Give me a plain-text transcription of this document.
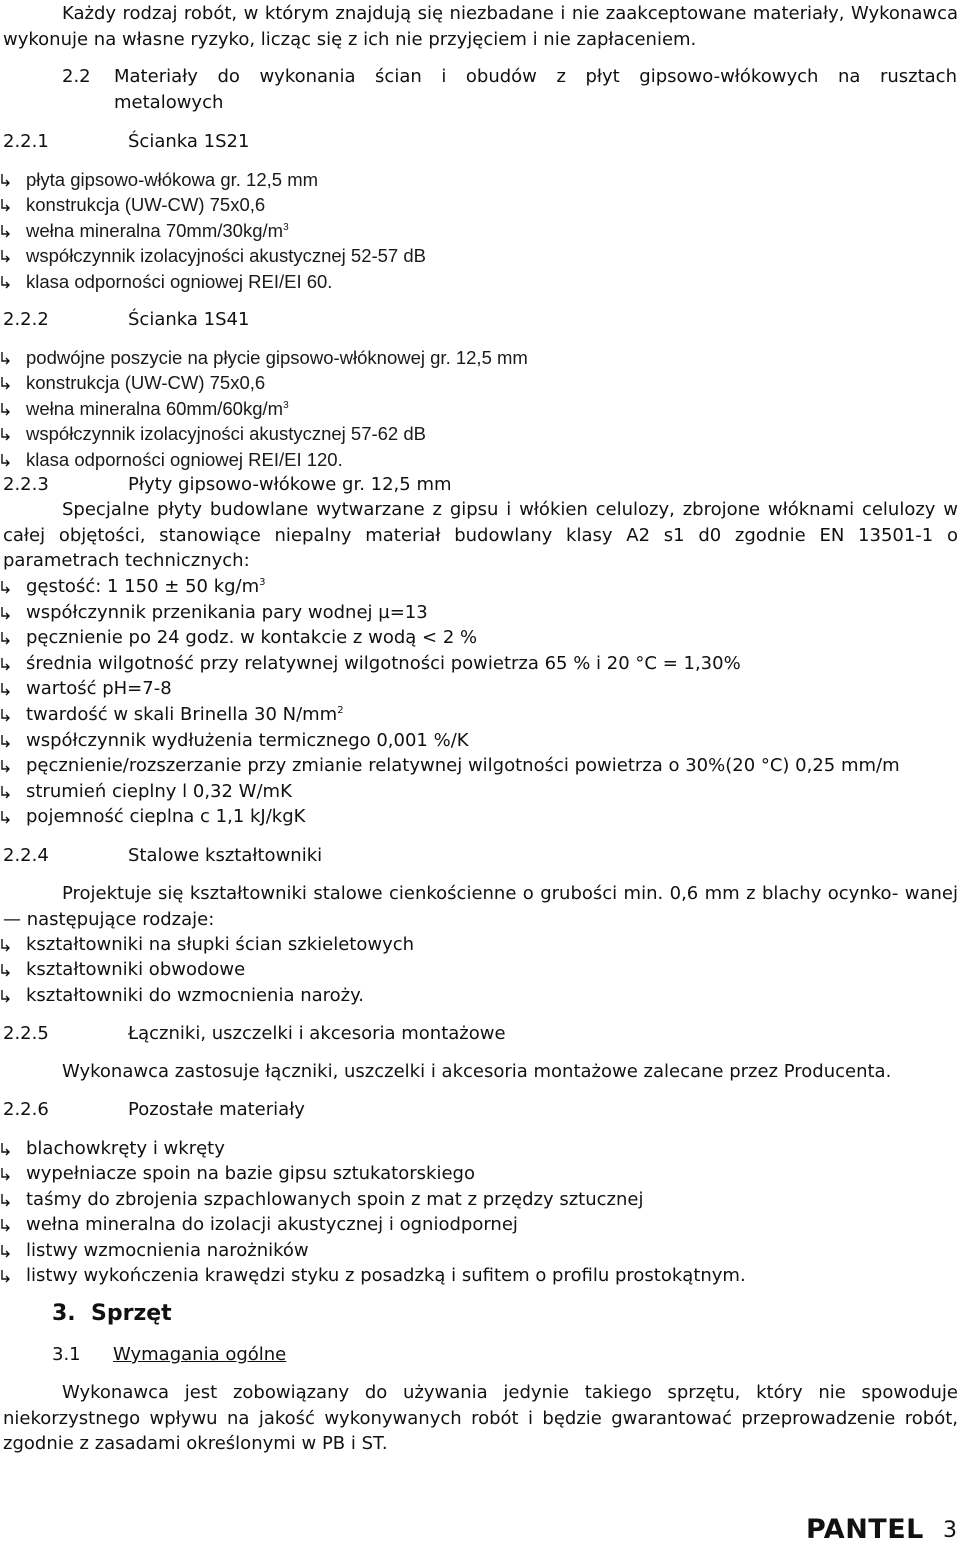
Każdy rodzaj robót, w którym znajdują się niezbadane i nie zaakceptowane materiały, Wykonawca wykonuje na własne ryzyko, licząc się z ich nie przyjęciem i nie zapłaceniem.
2.2 Materiały do wykonania ścian i obudów z płyt gipsowo-włókowych na rusztach
metalowych
2.2.1	Ścianka 1S21
płyta gipsowo-włókowa gr. 12,5 mm
konstrukcja (UW-CW) 75x0,6
wełna mineralna $70mm/30kg/m^3$
współczynnik izolacyjności akustycznej 52-57 dB
klasa odporności ogniowej REI/EI 60.
2.2.2	Ścianka 1S41
podwójne poszycie na płycie gipsowo-włóknowej gr. 12,5 mm
konstrukcja (UW-CW) 75x0,6
wełna mineralna $60mm/60kg/m^3$
współczynnik izolacyjności akustycznej 57-62 dB
klasa odporności ogniowej REI/EI 120.
2.2.3	Płyty gipsowo-włókowe gr. 12,5 mm
Specjalne płyty budowlane wytwarzane z gipsu i włókien celulozy, zbrojone włóknami celulozy w całej objętości, stanowiące niepalny materiał budowlany klasy A2 s1 d0 zgodnie EN 13501-1 o parametrach technicznych:
gęstość: 1 150 ± 50 $kg/m^3$
współczynnik przenikania pary wodnej µ=13
pęcznienie po 24 godz. w kontakcie z wodą < 2 %
średnia wilgotność przy relatywnej wilgotności powietrza 65 % i 20 °C = 1,30%
wartość pH=7-8
twardość w skali Brinella 30 $N/mm^2$
współczynnik wydłużenia termicznego 0,001 %/K
pęcznienie/rozszerzanie przy zmianie relatywnej wilgotności powietrza o 30%(20 °C) 0,25 mm/m
strumień cieplny l 0,32 W/mK
pojemność cieplna c 1,1 kJ/kgK
2.2.4	Stalowe kształtowniki
Projektuje się kształtowniki stalowe cienkościenne o grubości min. 0,6 mm z blachy ocynko- wanej — następujące rodzaje:
kształtowniki na słupki ścian szkieletowych
kształtowniki obwodowe
kształtowniki do wzmocnienia naroży.
2.2.5	Łączniki, uszczelki i akcesoria montażowe
Wykonawca zastosuje łączniki, uszczelki i akcesoria montażowe zalecane przez Producenta.
2.2.6	Pozostałe materiały
blachowkręty i wkręty
wypełniacze spoin na bazie gipsu sztukatorskiego
taśmy do zbrojenia szpachlowanych spoin z mat z przędzy sztucznej
wełna mineralna do izolacji akustycznej i ogniodpornej
listwy wzmocnienia narożników
listwy wykończenia krawędzi styku z posadzką i sufitem o profilu prostokątnym.
3. Sprzęt
3.1 Wymagania ogólne
Wykonawca jest zobowiązany do używania jedynie takiego sprzętu, który nie spowoduje niekorzystnego wpływu na jakość wykonywanych robót i będzie gwarantować przeprowadzenie robót, zgodnie z zasadami określonymi w PB i ST.
PANTEL 3
